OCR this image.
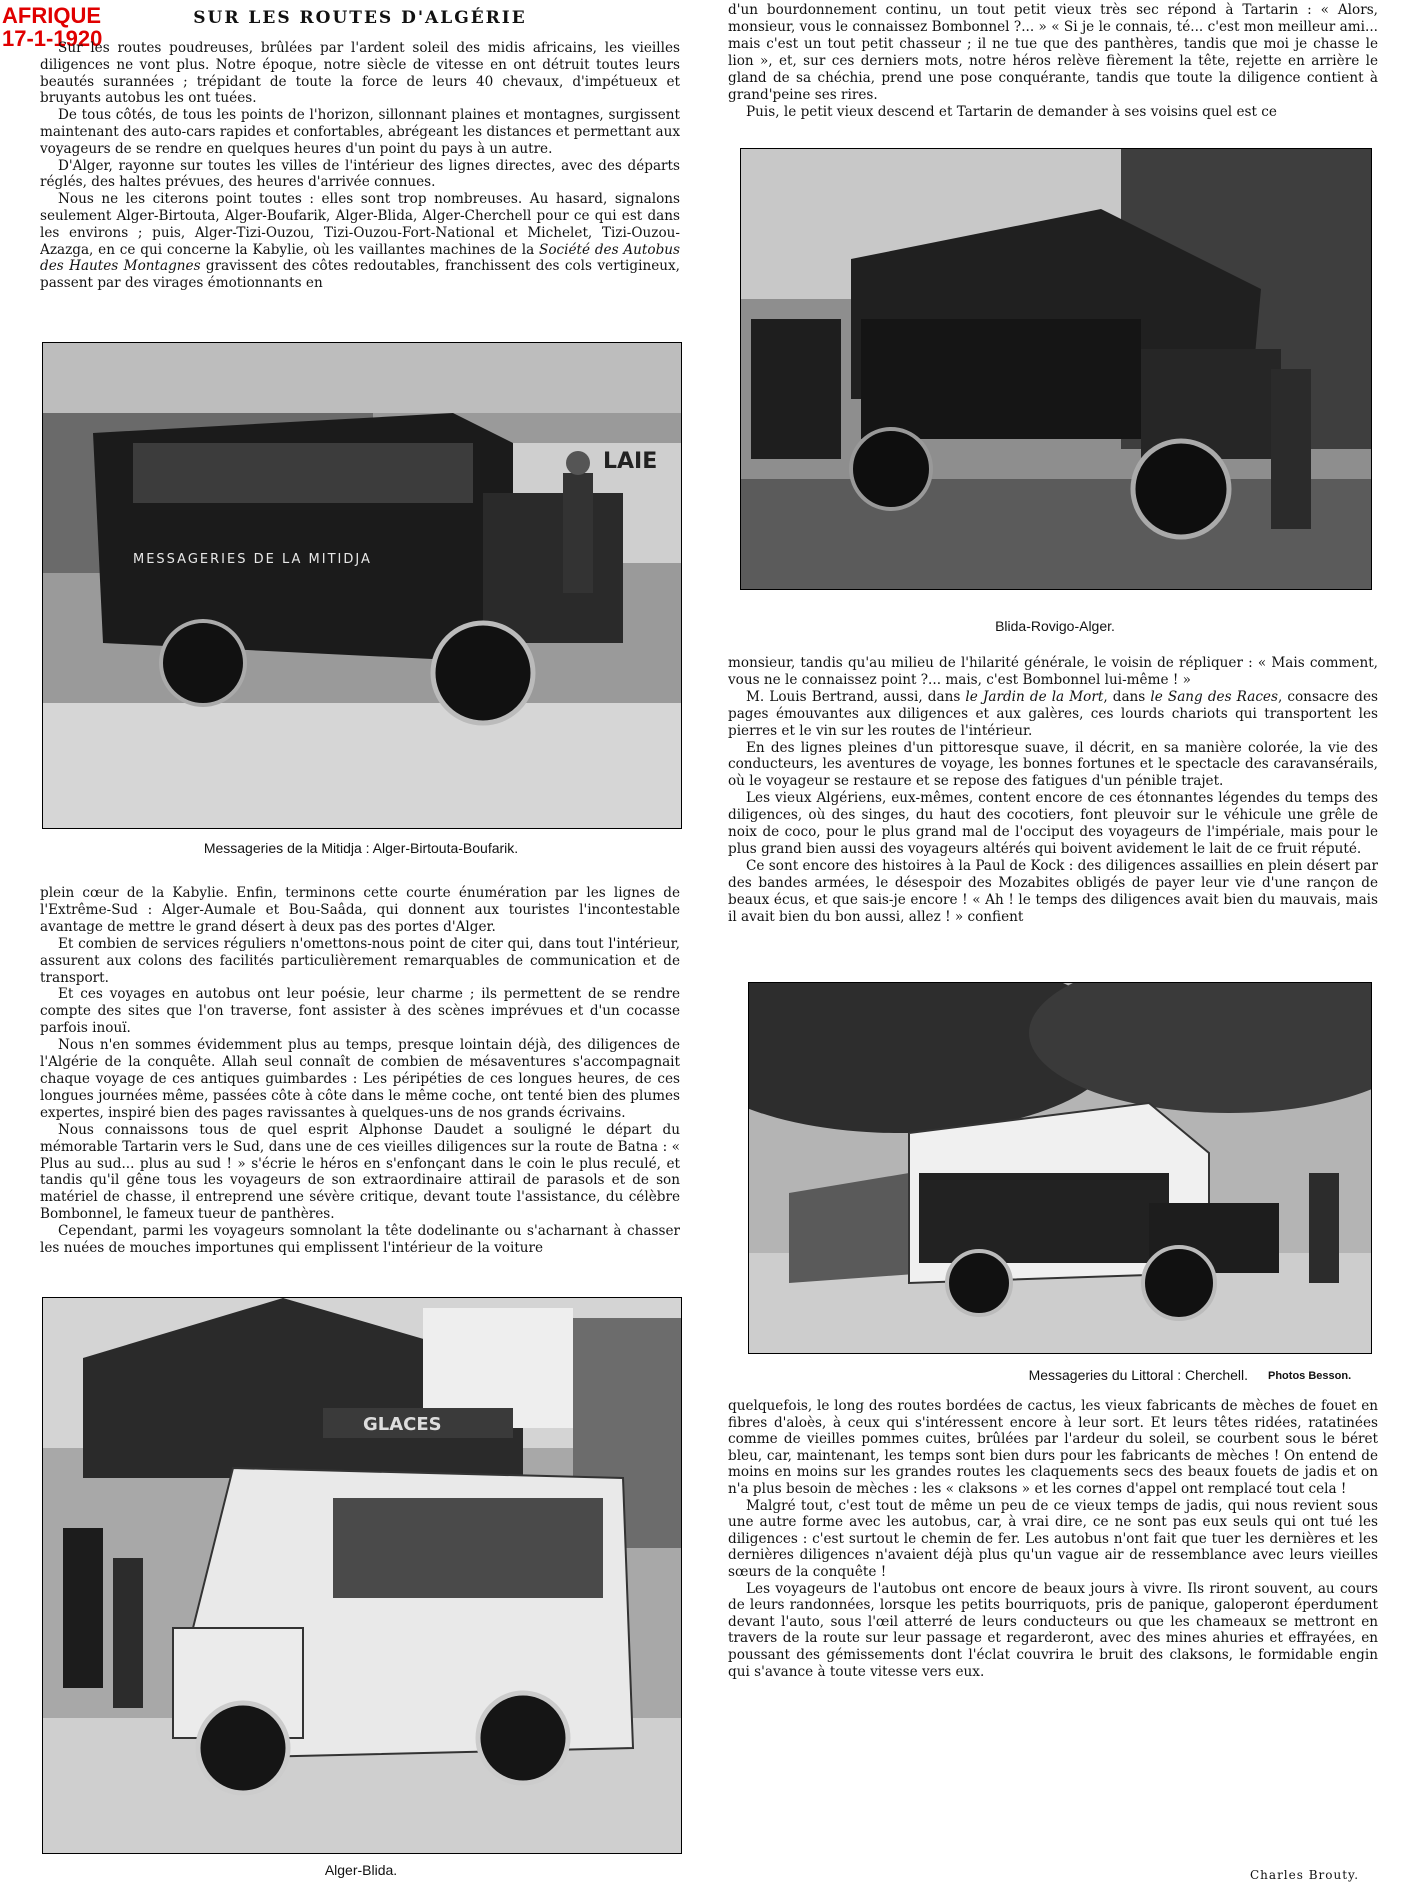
AFRIQUE
17-1-1920
SUR LES ROUTES D'ALGÉRIE

Sur les routes poudreuses, brûlées par l'ardent soleil des midis africains, les vieilles diligences ne vont plus. Notre époque, notre siècle de vitesse en ont détruit toutes leurs beautés surannées ; trépidant de toute la force de leurs 40 chevaux, d'impétueux et bruyants autobus les ont tuées.

De tous côtés, de tous les points de l'horizon, sillonnant plaines et montagnes, surgissent maintenant des auto-cars rapides et confortables, abrégeant les distances et permettant aux voyageurs de se rendre en quelques heures d'un point du pays à un autre.

D'Alger, rayonne sur toutes les villes de l'intérieur des lignes directes, avec des départs réglés, des haltes prévues, des heures d'arrivée connues.

Nous ne les citerons point toutes : elles sont trop nombreuses. Au hasard, signalons seulement Alger-Birtouta, Alger-Boufarik, Alger-Blida, Alger-Cherchell pour ce qui est dans les environs ; puis, Alger-Tizi-Ouzou, Tizi-Ouzou-Fort-National et Michelet, Tizi-Ouzou-Azazga, en ce qui concerne la Kabylie, où les vaillantes machines de la Société des Autobus des Hautes Montagnes gravissent des côtes redoutables, franchissent des cols vertigineux, passent par des virages émotionnants en

LAIE
MESSAGERIES DE LA MITIDJA
Messageries de la Mitidja : Alger-Birtouta-Boufarik.

plein cœur de la Kabylie. Enfin, terminons cette courte énumération par les lignes de l'Extrême-Sud : Alger-Aumale et Bou-Saâda, qui donnent aux touristes l'incontestable avantage de mettre le grand désert à deux pas des portes d'Alger.

Et combien de services réguliers n'omettons-nous point de citer qui, dans tout l'intérieur, assurent aux colons des facilités particulièrement remarquables de communication et de transport.

Et ces voyages en autobus ont leur poésie, leur charme ; ils permettent de se rendre compte des sites que l'on traverse, font assister à des scènes imprévues et d'un cocasse parfois inouï.

Nous n'en sommes évidemment plus au temps, presque lointain déjà, des diligences de l'Algérie de la conquête. Allah seul connaît de combien de mésaventures s'accompagnait chaque voyage de ces antiques guimbardes : Les péripéties de ces longues heures, de ces longues journées même, passées côte à côte dans le même coche, ont tenté bien des plumes expertes, inspiré bien des pages ravissantes à quelques-uns de nos grands écrivains.

Nous connaissons tous de quel esprit Alphonse Daudet a souligné le départ du mémorable Tartarin vers le Sud, dans une de ces vieilles diligences sur la route de Batna : « Plus au sud... plus au sud ! » s'écrie le héros en s'enfonçant dans le coin le plus reculé, et tandis qu'il gêne tous les voyageurs de son extraordinaire attirail de parasols et de son matériel de chasse, il entreprend une sévère critique, devant toute l'assistance, du célèbre Bombonnel, le fameux tueur de panthères.

Cependant, parmi les voyageurs somnolant la tête dodelinante ou s'acharnant à chasser les nuées de mouches importunes qui emplissent l'intérieur de la voiture

GLACES
Alger-Blida.

d'un bourdonnement continu, un tout petit vieux très sec répond à Tartarin : « Alors, monsieur, vous le connaissez Bombonnel ?... » « Si je le connais, té... c'est mon meilleur ami... mais c'est un tout petit chasseur ; il ne tue que des panthères, tandis que moi je chasse le lion », et, sur ces derniers mots, notre héros relève fièrement la tête, rejette en arrière le gland de sa chéchia, prend une pose conquérante, tandis que toute la diligence contient à grand'peine ses rires.

Puis, le petit vieux descend et Tartarin de demander à ses voisins quel est ce

Blida-Rovigo-Alger.

monsieur, tandis qu'au milieu de l'hilarité générale, le voisin de répliquer : « Mais comment, vous ne le connaissez point ?... mais, c'est Bombonnel lui-même ! »

M. Louis Bertrand, aussi, dans le Jardin de la Mort, dans le Sang des Races, consacre des pages émouvantes aux diligences et aux galères, ces lourds chariots qui transportent les pierres et le vin sur les routes de l'intérieur.

En des lignes pleines d'un pittoresque suave, il décrit, en sa manière colorée, la vie des conducteurs, les aventures de voyage, les bonnes fortunes et le spectacle des caravansérails, où le voyageur se restaure et se repose des fatigues d'un pénible trajet.

Les vieux Algériens, eux-mêmes, content encore de ces étonnantes légendes du temps des diligences, où des singes, du haut des cocotiers, font pleuvoir sur le véhicule une grêle de noix de coco, pour le plus grand mal de l'occiput des voyageurs de l'impériale, mais pour le plus grand bien aussi des voyageurs altérés qui boivent avidement le lait de ce fruit réputé.

Ce sont encore des histoires à la Paul de Kock : des diligences assaillies en plein désert par des bandes armées, le désespoir des Mozabites obligés de payer leur vie d'une rançon de beaux écus, et que sais-je encore ! « Ah ! le temps des diligences avait bien du mauvais, mais il avait bien du bon aussi, allez ! » confient

Messageries du Littoral : Cherchell. Photos Besson.

quelquefois, le long des routes bordées de cactus, les vieux fabricants de mèches de fouet en fibres d'aloès, à ceux qui s'intéressent encore à leur sort. Et leurs têtes ridées, ratatinées comme de vieilles pommes cuites, brûlées par l'ardeur du soleil, se courbent sous le béret bleu, car, maintenant, les temps sont bien durs pour les fabricants de mèches ! On entend de moins en moins sur les grandes routes les claquements secs des beaux fouets de jadis et on n'a plus besoin de mèches : les « claksons » et les cornes d'appel ont remplacé tout cela !

Malgré tout, c'est tout de même un peu de ce vieux temps de jadis, qui nous revient sous une autre forme avec les autobus, car, à vrai dire, ce ne sont pas eux seuls qui ont tué les diligences : c'est surtout le chemin de fer. Les autobus n'ont fait que tuer les dernières et les dernières diligences n'avaient déjà plus qu'un vague air de ressemblance avec leurs vieilles sœurs de la conquête !

Les voyageurs de l'autobus ont encore de beaux jours à vivre. Ils riront souvent, au cours de leurs randonnées, lorsque les petits bourriquots, pris de panique, galoperont éperdument devant l'auto, sous l'œil atterré de leurs conducteurs ou que les chameaux se mettront en travers de la route sur leur passage et regarderont, avec des mines ahuries et effrayées, en poussant des gémissements dont l'éclat couvrira le bruit des claksons, le formidable engin qui s'avance à toute vitesse vers eux.

Charles Brouty.
